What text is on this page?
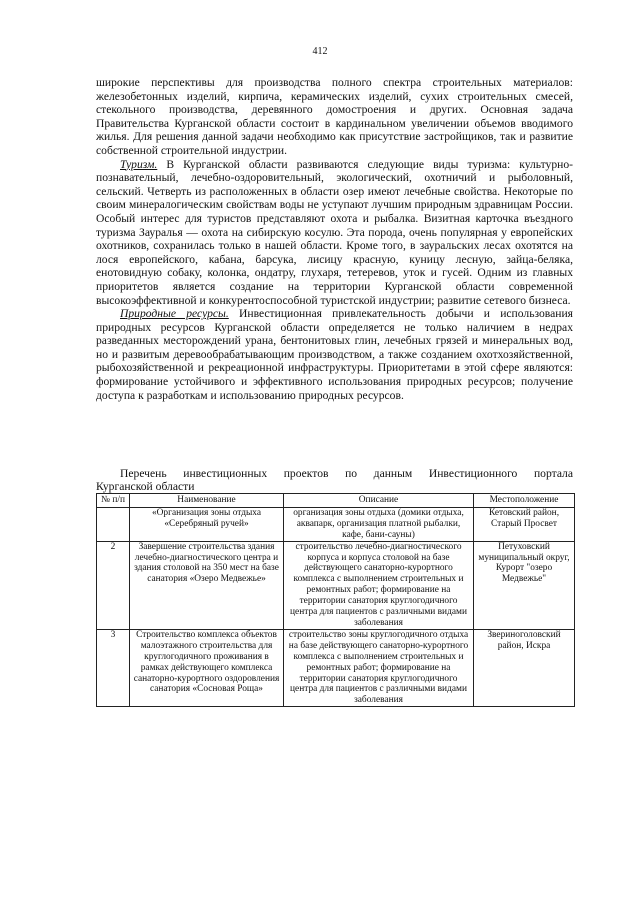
412

широкие перспективы для производства полного спектра строительных материалов: железобетонных изделий, кирпича, керамических изделий, сухих строительных смесей, стекольного производства, деревянного домостроения и других. Основная задача Правительства Курганской области состоит в кардинальном увеличении объемов вводимого жилья. Для решения данной задачи необходимо как присутствие застройщиков, так и развитие собственной строительной индустрии.

Туризм. В Курганской области развиваются следующие виды туризма: культурно-познавательный, лечебно-оздоровительный, экологический, охотничий и рыболовный, сельский. Четверть из расположенных в области озер имеют лечебные свойства. Некоторые по своим минералогическим свойствам воды не уступают лучшим природным здравницам России. Особый интерес для туристов представляют охота и рыбалка. Визитная карточка въездного туризма Зауралья — охота на сибирскую косулю. Эта порода, очень популярная у европейских охотников, сохранилась только в нашей области. Кроме того, в зауральских лесах охотятся на лося европейского, кабана, барсука, лисицу красную, куницу лесную, зайца-беляка, енотовидную собаку, колонка, ондатру, глухаря, тетеревов, уток и гусей. Одним из главных приоритетов является создание на территории Курганской области современной высокоэффективной и конкурентоспособной туристской индустрии; развитие сетевого бизнеса.

Природные ресурсы. Инвестиционная привлекательность добычи и использования природных ресурсов Курганской области определяется не только наличием в недрах разведанных месторождений урана, бентонитовых глин, лечебных грязей и минеральных вод, но и развитым деревообрабатывающим производством, а также созданием охотхозяйственной, рыбохозяйственной и рекреационной инфраструктуры. Приоритетами в этой сфере являются: формирование устойчивого и эффективного использования природных ресурсов; получение доступа к разработкам и использованию природных ресурсов.

Перечень инвестиционных проектов по данным Инвестиционного портала
Курганской области
№ п/п	Наименование	Описание	Местоположение
	«Организация зоны отдыха «Серебряный ручей»	организация зоны отдыха (домики отдыха, аквапарк, организация платной рыбалки, кафе, бани-сауны)	Кетовский район, Старый Просвет
2	Завершение строительства здания лечебно-диагностического центра и здания столовой на 350 мест на базе санатория «Озеро Медвежье»	строительство лечебно-диагностического корпуса и корпуса столовой на базе действующего санаторно-курортного комплекса с выполнением строительных и ремонтных работ; формирование на территории санатория круглогодичного центра для пациентов с различными видами заболевания	Петуховский муниципальный округ, Курорт "озеро Медвежье"
3	Строительство комплекса объектов малоэтажного строительства для круглогодичного проживания в рамках действующего комплекса санаторно-курортного оздоровления санатория «Сосновая Роща»	строительство зоны круглогодичного отдыха на базе действующего санаторно-курортного комплекса с выполнением строительных и ремонтных работ; формирование на территории санатория круглогодичного центра для пациентов с различными видами заболевания	Звериноголовский район, Искра
